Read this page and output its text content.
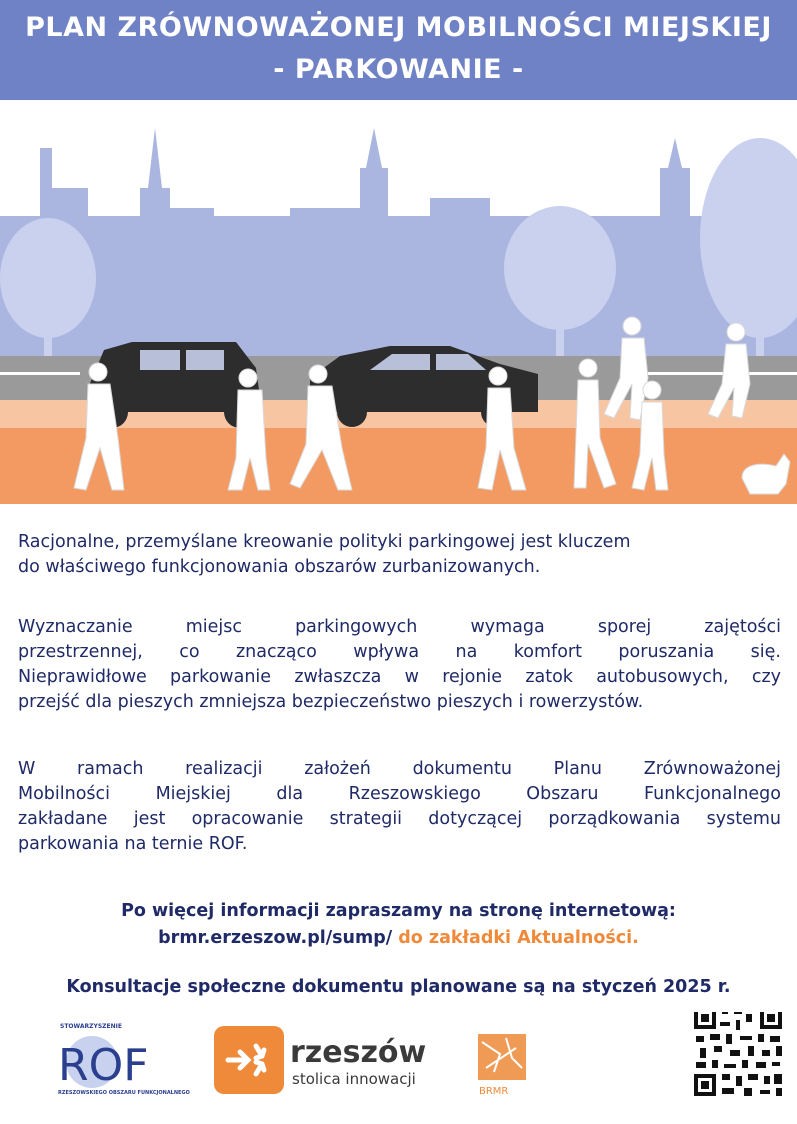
PLAN ZRÓWNOWAŻONEJ MOBILNOŚCI MIEJSKIEJ
- PARKOWANIE -

Racjonalne, przemyślane kreowanie polityki parkingowej jest kluczem

do właściwego funkcjonowania obszarów zurbanizowanych.

Wyznaczanie miejsc parkingowych wymaga sporej zajętości

przestrzennej, co znacząco wpływa na komfort poruszania się.

Nieprawidłowe parkowanie zwłaszcza w rejonie zatok autobusowych, czy

przejść dla pieszych zmniejsza bezpieczeństwo pieszych i rowerzystów.

W ramach realizacji założeń dokumentu Planu Zrównoważonej

Mobilności Miejskiej dla Rzeszowskiego Obszaru Funkcjonalnego

zakładane jest opracowanie strategii dotyczącej porządkowania systemu

parkowania na ternie ROF.

Po więcej informacji zapraszamy na stronę internetową:
brmr.erzeszow.pl/sump/ do zakładki Aktualności.
Konsultacje społeczne dokumentu planowane są na styczeń 2025 r.
STOWARZYSZENIE
ROF
RZESZOWSKIEGO OBSZARU FUNKCJONALNEGO
rzeszów
stolica innowacji
BRMR
